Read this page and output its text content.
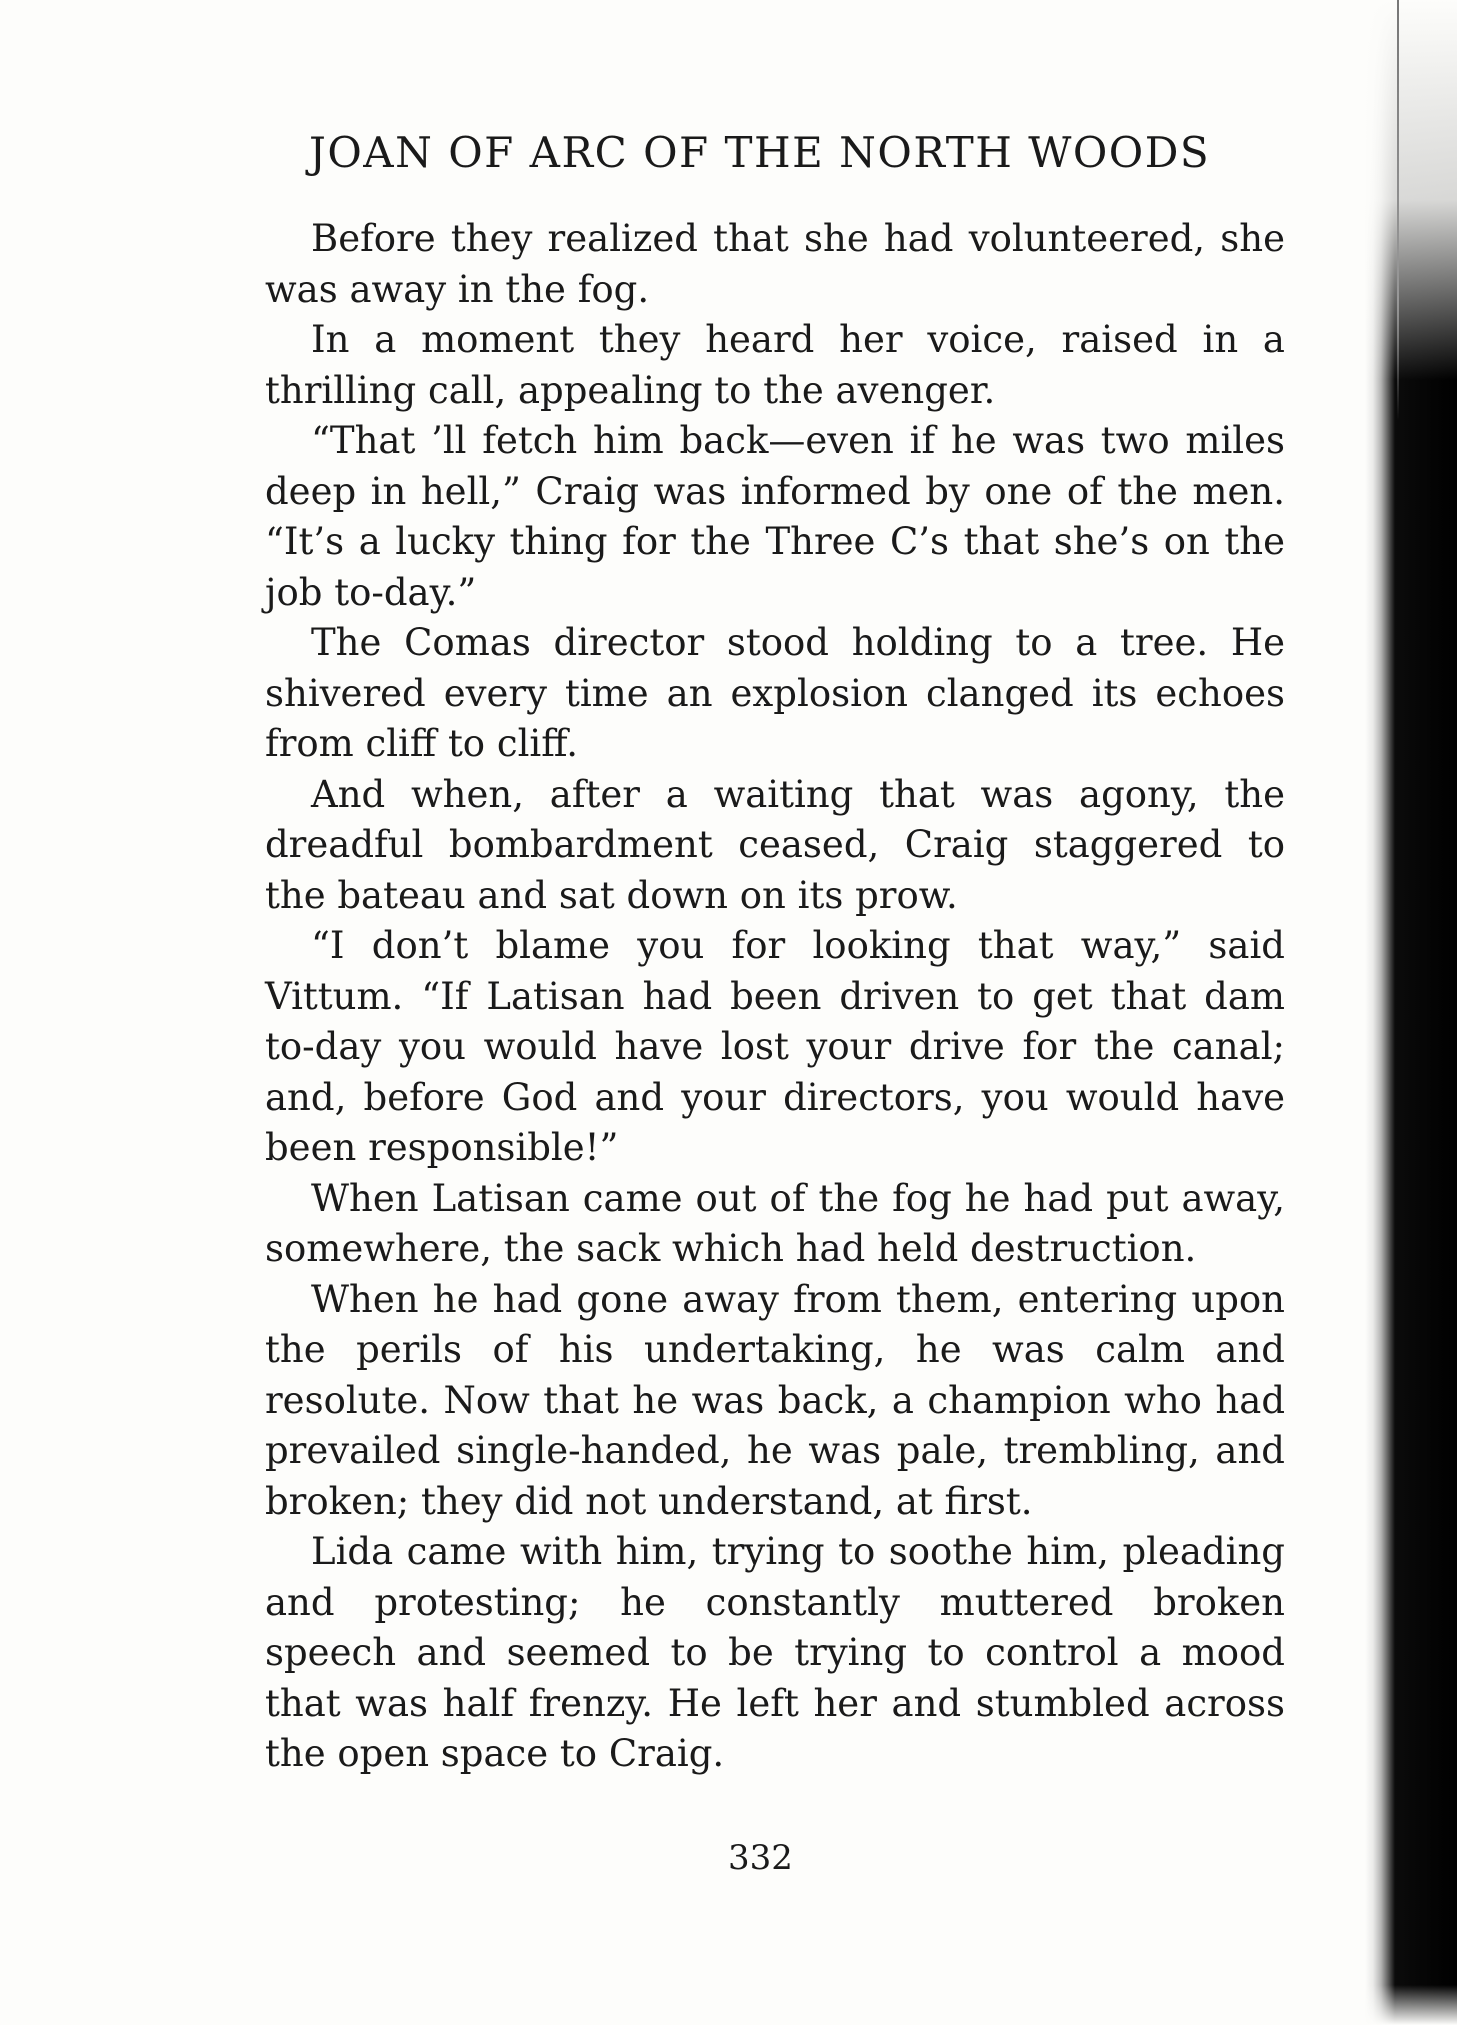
JOAN OF ARC OF THE NORTH WOODS

Before they realized that she had volunteered, she was away in the fog.

In a moment they heard her voice, raised in a thrilling call, appealing to the avenger.

“That ’ll fetch him back—even if he was two miles deep in hell,” Craig was informed by one of the men. “It’s a lucky thing for the Three C’s that she’s on the job to-day.”

The Comas director stood holding to a tree. He shivered every time an explosion clanged its echoes from cliff to cliff.

And when, after a waiting that was agony, the dreadful bombardment ceased, Craig staggered to the bateau and sat down on its prow.

“I don’t blame you for looking that way,” said Vittum. “If Latisan had been driven to get that dam to-day you would have lost your drive for the canal; and, before God and your directors, you would have been responsible!”

When Latisan came out of the fog he had put away, somewhere, the sack which had held destruction.

When he had gone away from them, entering upon the perils of his undertaking, he was calm and resolute. Now that he was back, a champion who had prevailed single-handed, he was pale, trembling, and broken; they did not understand, at first.

Lida came with him, trying to soothe him, pleading and protesting; he constantly muttered broken speech and seemed to be trying to control a mood that was half frenzy. He left her and stumbled across the open space to Craig.

332
